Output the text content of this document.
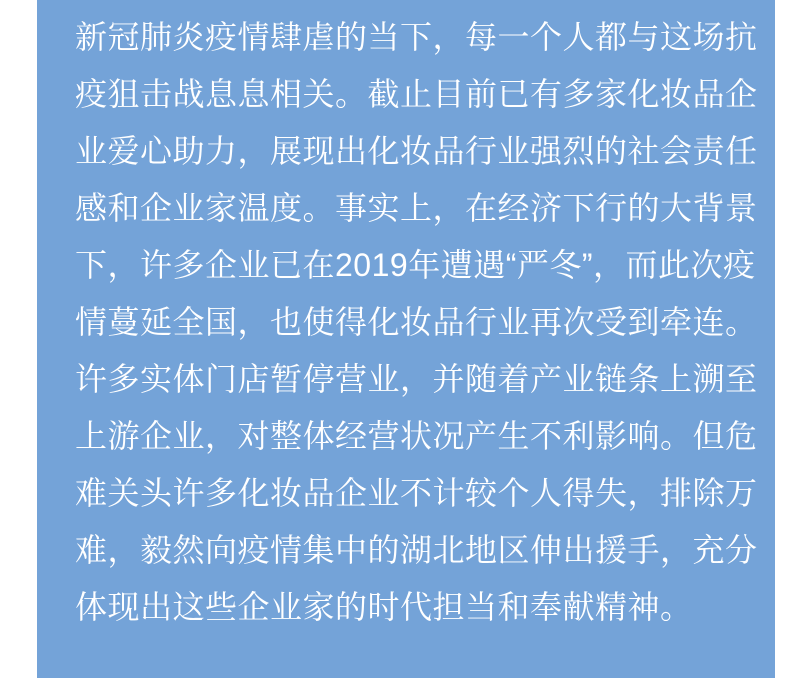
新冠肺炎疫情肆虐的当下，每一个人都与这场抗
疫狙击战息息相关。截止目前已有多家化妆品企
业爱心助力，展现出化妆品行业强烈的社会责任
感和企业家温度。事实上，在经济下行的大背景
下，许多企业已在2019年遭遇“严冬”，而此次疫
情蔓延全国，也使得化妆品行业再次受到牵连。
许多实体门店暂停营业，并随着产业链条上溯至
上游企业，对整体经营状况产生不利影响。但危
难关头许多化妆品企业不计较个人得失，排除万
难，毅然向疫情集中的湖北地区伸出援手，充分
体现出这些企业家的时代担当和奉献精神。
